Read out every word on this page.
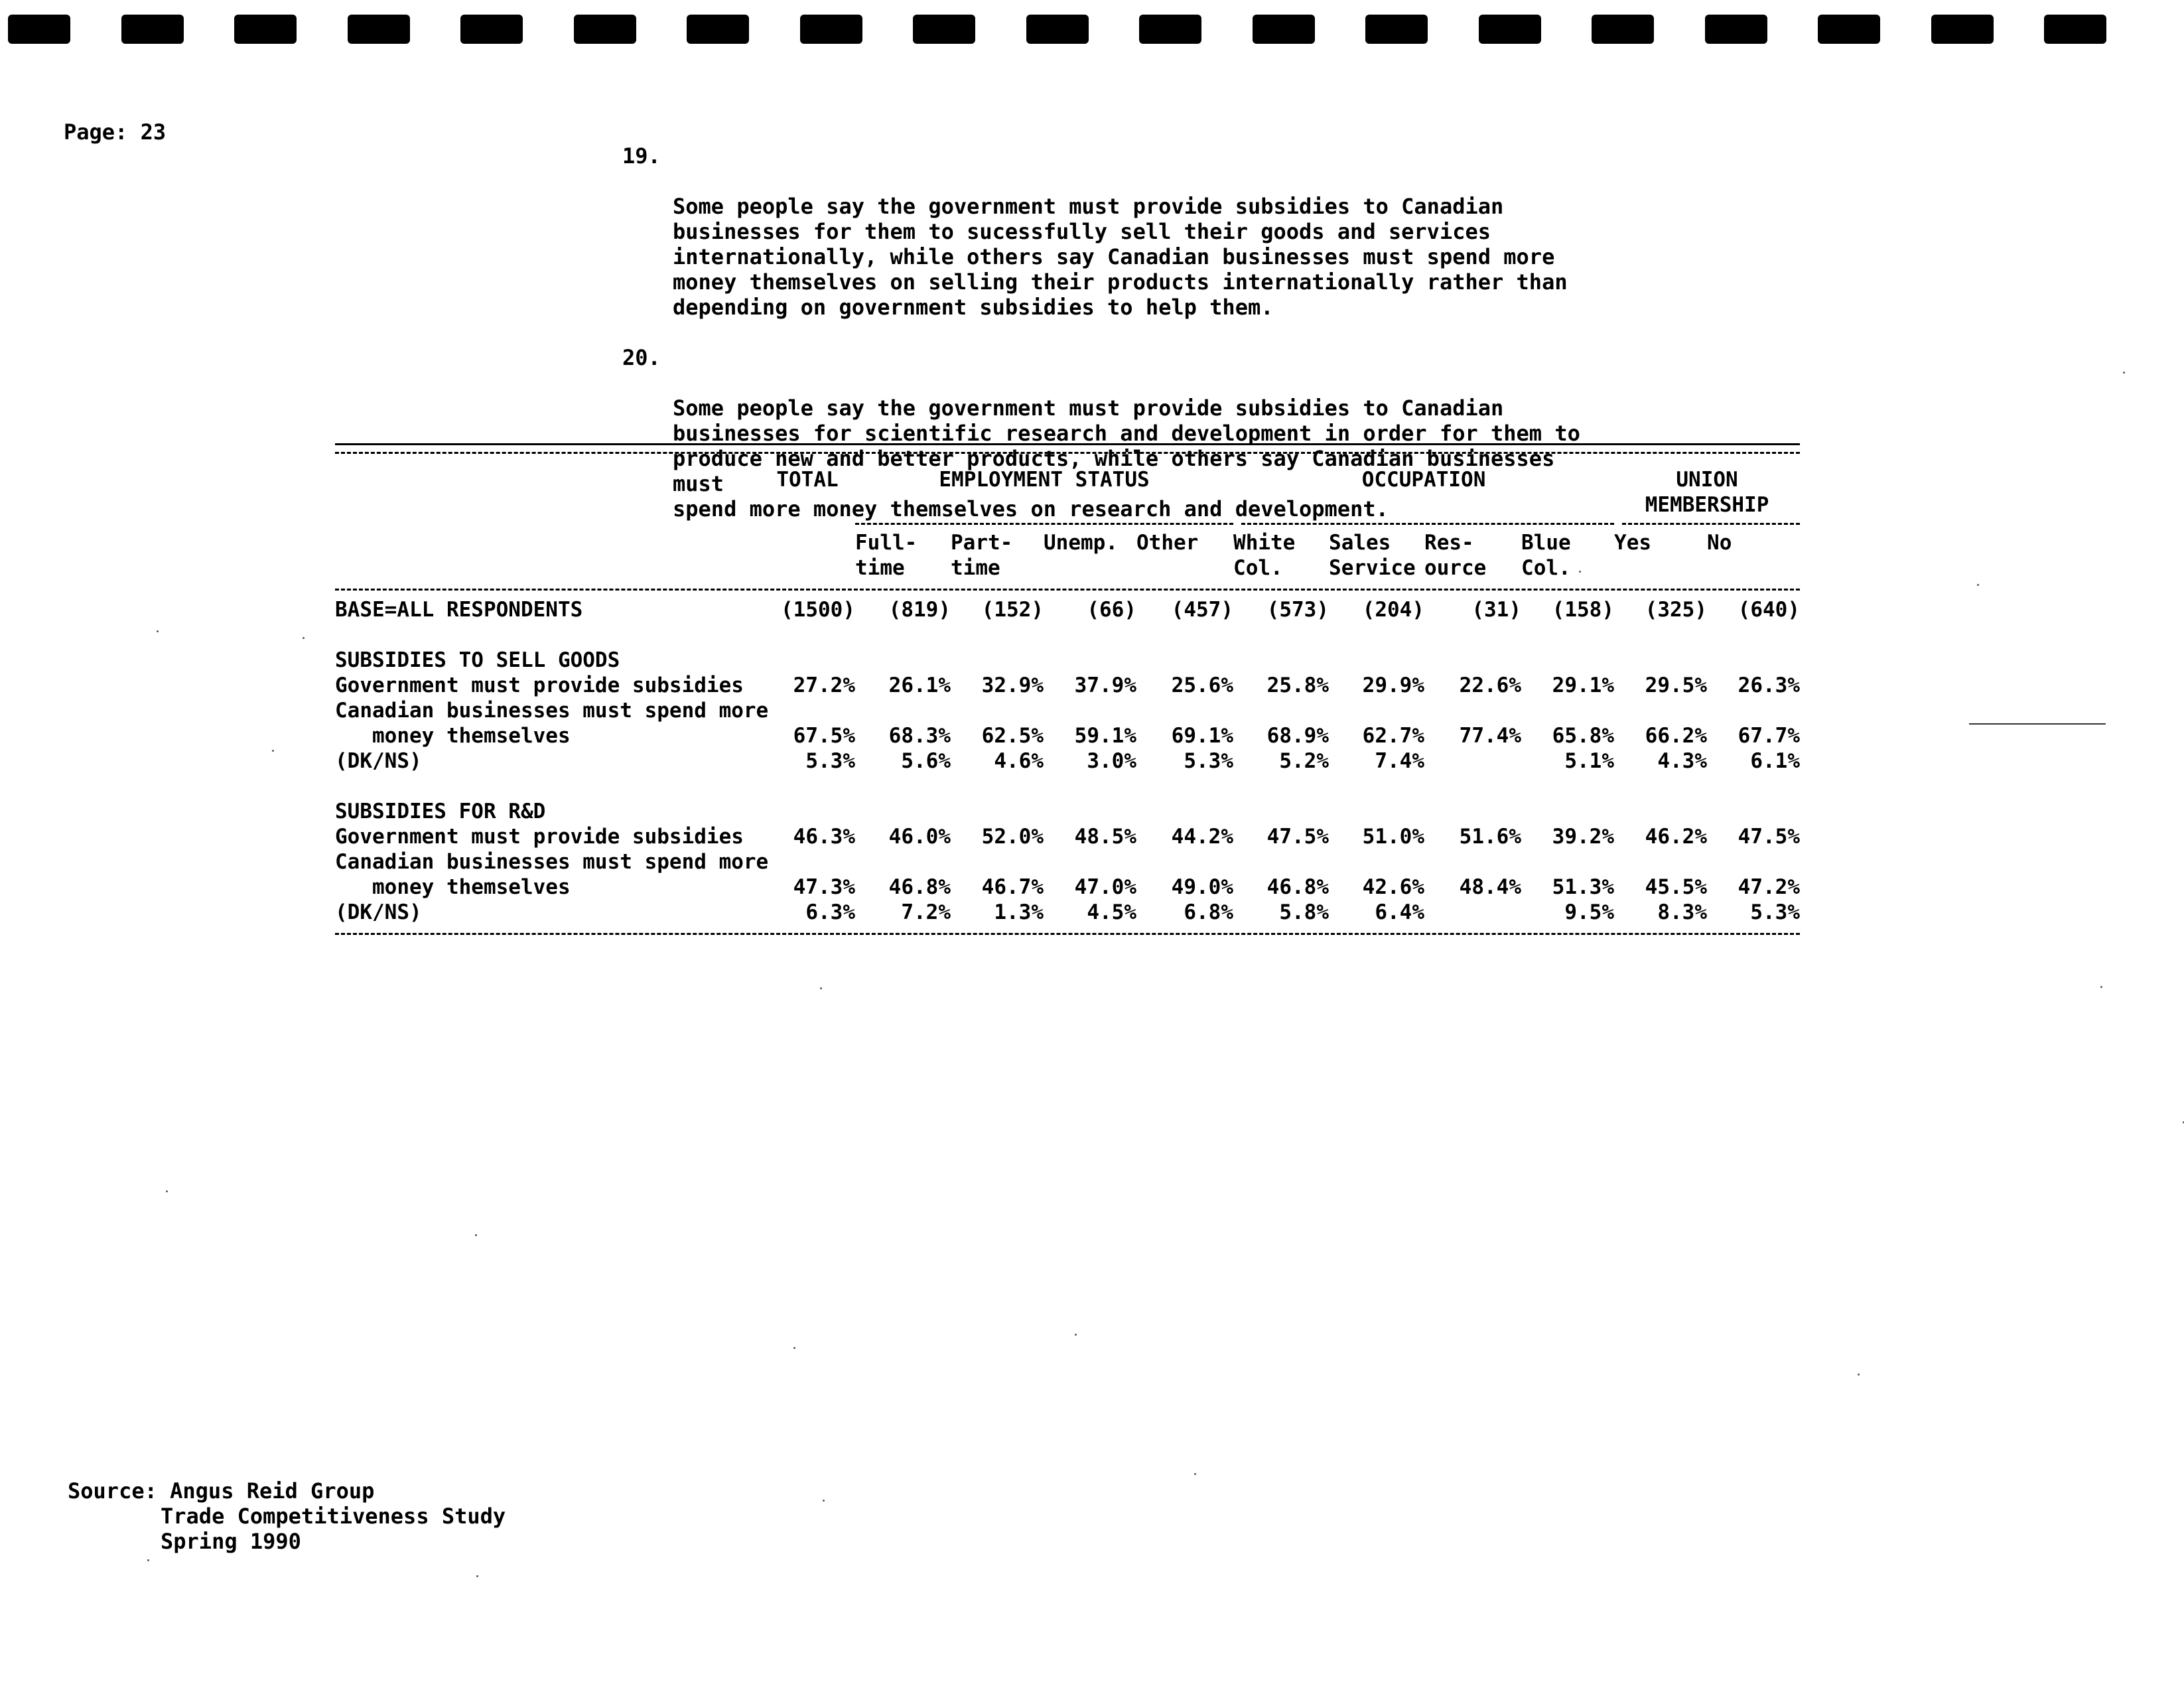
Page: 23

19.

Some people say the government must provide subsidies to Canadian
businesses for them to sucessfully sell their goods and services
internationally, while others say Canadian businesses must spend more
money themselves on selling their products internationally rather than
depending on government subsidies to help them.

20.

Some people say the government must provide subsidies to Canadian
businesses for scientific research and development in order for them to
produce new and better products, while others say Canadian businesses must
spend more money themselves on research and development.

	TOTAL	EMPLOYMENT STATUS				OCCUPATION				UNION	
										MEMBERSHIP	

		Full-	Part-	Unemp.	Other	White	Sales	Res-	Blue	Yes	No
		time	time			Col.	Service	ource	Col.		
BASE=ALL RESPONDENTS	(1500)	(819)	(152)	(66)	(457)	(573)	(204)	(31)	(158)	(325)	(640)

SUBSIDIES TO SELL GOODS											
Government must provide subsidies	27.2%	26.1%	32.9%	37.9%	25.6%	25.8%	29.9%	22.6%	29.1%	29.5%	26.3%
Canadian businesses must spend more											
money themselves	67.5%	68.3%	62.5%	59.1%	69.1%	68.9%	62.7%	77.4%	65.8%	66.2%	67.7%
(DK/NS)	5.3%	5.6%	4.6%	3.0%	5.3%	5.2%	7.4%		5.1%	4.3%	6.1%

SUBSIDIES FOR R&D											
Government must provide subsidies	46.3%	46.0%	52.0%	48.5%	44.2%	47.5%	51.0%	51.6%	39.2%	46.2%	47.5%
Canadian businesses must spend more											
money themselves	47.3%	46.8%	46.7%	47.0%	49.0%	46.8%	42.6%	48.4%	51.3%	45.5%	47.2%
(DK/NS)	6.3%	7.2%	1.3%	4.5%	6.8%	5.8%	6.4%		9.5%	8.3%	5.3%
Source: Angus Reid Group
Trade Competitiveness Study
Spring 1990
